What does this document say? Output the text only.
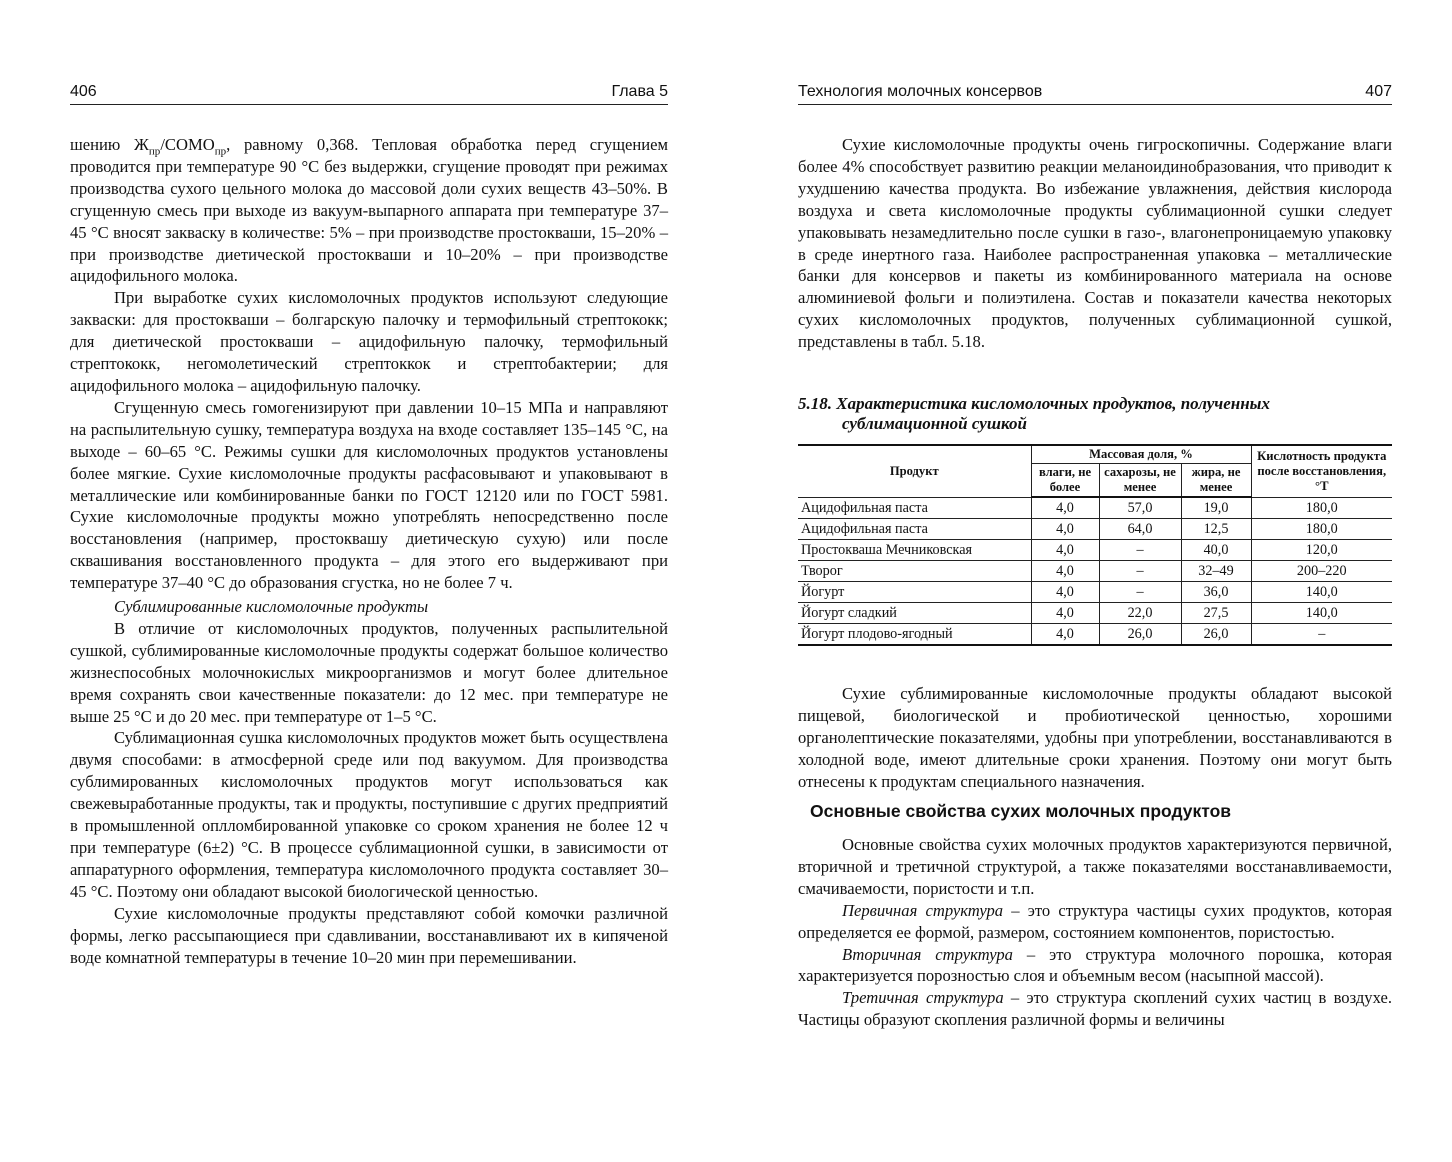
406	Глава 5

шению $Ж_{пр}/СОМО_{пр}$, равному 0,368. Тепловая обработка перед сгущением проводится при температуре 90 °С без выдержки, сгущение проводят при режимах производства сухого цельного молока до массовой доли сухих веществ 43–50%. В сгущенную смесь при выходе из вакуум-выпарного аппарата при температуре 37–45 °С вносят закваску в количестве: 5% – при производстве простокваши, 15–20% – при производстве диетической простокваши и 10–20% – при производстве ацидофильного молока.

При выработке сухих кисломолочных продуктов используют следующие закваски: для простокваши – болгарскую палочку и термофильный стрептококк; для диетической простокваши – ацидофильную палочку, термофильный стрептококк, негомолетический стрептоккок и стрептобактерии; для ацидофильного молока – ацидофильную палочку.

Сгущенную смесь гомогенизируют при давлении 10–15 МПа и направляют на распылительную сушку, температура воздуха на входе составляет 135–145 °С, на выходе – 60–65 °С. Режимы сушки для кисломолочных продуктов установлены более мягкие. Сухие кисломолочные продукты расфасовывают и упаковывают в металлические или комбинированные банки по ГОСТ 12120 или по ГОСТ 5981. Сухие кисломолочные продукты можно употреблять непосредственно после восстановления (например, простоквашу диетическую сухую) или после сквашивания восстановленного продукта – для этого его выдерживают при температуре 37–40 °С до образования сгустка, но не более 7 ч.

Сублимированные кисломолочные продукты

В отличие от кисломолочных продуктов, полученных распылительной сушкой, сублимированные кисломолочные продукты содержат большое количество жизнеспособных молочнокислых микроорганизмов и могут более длительное время сохранять свои качественные показатели: до 12 мес. при температуре не выше 25 °С и до 20 мес. при температуре от 1–5 °С.

Сублимационная сушка кисломолочных продуктов может быть осуществлена двумя способами: в атмосферной среде или под вакуумом. Для производства сублимированных кисломолочных продуктов могут использоваться как свежевыработанные продукты, так и продукты, поступившие с других предприятий в промышленной оплломбированной упаковке со сроком хранения не более 12 ч при температуре (6±2) °С. В процессе сублимационной сушки, в зависимости от аппаратурного оформления, температура кисломолочного продукта составляет 30–45 °С. Поэтому они обладают высокой биологической ценностью.

Сухие кисломолочные продукты представляют собой комочки различной формы, легко рассыпающиеся при сдавливании, восстанавливают их в кипяченой воде комнатной температуры в течение 10–20 мин при перемешивании.

Технология молочных консервов	407

Сухие кисломолочные продукты очень гигроскопичны. Содержание влаги более 4% способствует развитию реакции меланоидинобразования, что приводит к ухудшению качества продукта. Во избежание увлажнения, действия кислорода воздуха и света кисломолочные продукты сублимационной сушки следует упаковывать незамедлительно после сушки в газо-, влагонепроницаемую упаковку в среде инертного газа. Наиболее распространенная упаковка – металлические банки для консервов и пакеты из комбинированного материала на основе алюминиевой фольги и полиэтилена. Состав и показатели качества некоторых сухих кисломолочных продуктов, полученных сублимационной сушкой, представлены в табл. 5.18.

5.18. Характеристика кисломолочных продуктов, полученных
сублимационной сушкой
Продукт	Массовая доля, %			Кислотность продукта после восстановления, °Т
	влаги, не более	сахарозы, не менее	жира, не менее	
Ацидофильная паста	4,0	57,0	19,0	180,0
Ацидофильная паста	4,0	64,0	12,5	180,0
Простокваша Мечниковская	4,0	–	40,0	120,0
Творог	4,0	–	32–49	200–220
Йогурт	4,0	–	36,0	140,0
Йогурт сладкий	4,0	22,0	27,5	140,0
Йогурт плодово-ягодный	4,0	26,0	26,0	–

Сухие сублимированные кисломолочные продукты обладают высокой пищевой, биологической и пробиотической ценностью, хорошими органолептические показателями, удобны при употреблении, восстанавливаются в холодной воде, имеют длительные сроки хранения. Поэтому они могут быть отнесены к продуктам специального назначения.

Основные свойства сухих молочных продуктов

Основные свойства сухих молочных продуктов характеризуются первичной, вторичной и третичной структурой, а также показателями восстанавливаемости, смачиваемости, пористости и т.п.

Первичная структура – это структура частицы сухих продуктов, которая определяется ее формой, размером, состоянием компонентов, пористостью.

Вторичная структура – это структура молочного порошка, которая характеризуется порозностью слоя и объемным весом (насыпной массой).

Третичная структура – это структура скоплений сухих частиц в воздухе. Частицы образуют скопления различной формы и величины
